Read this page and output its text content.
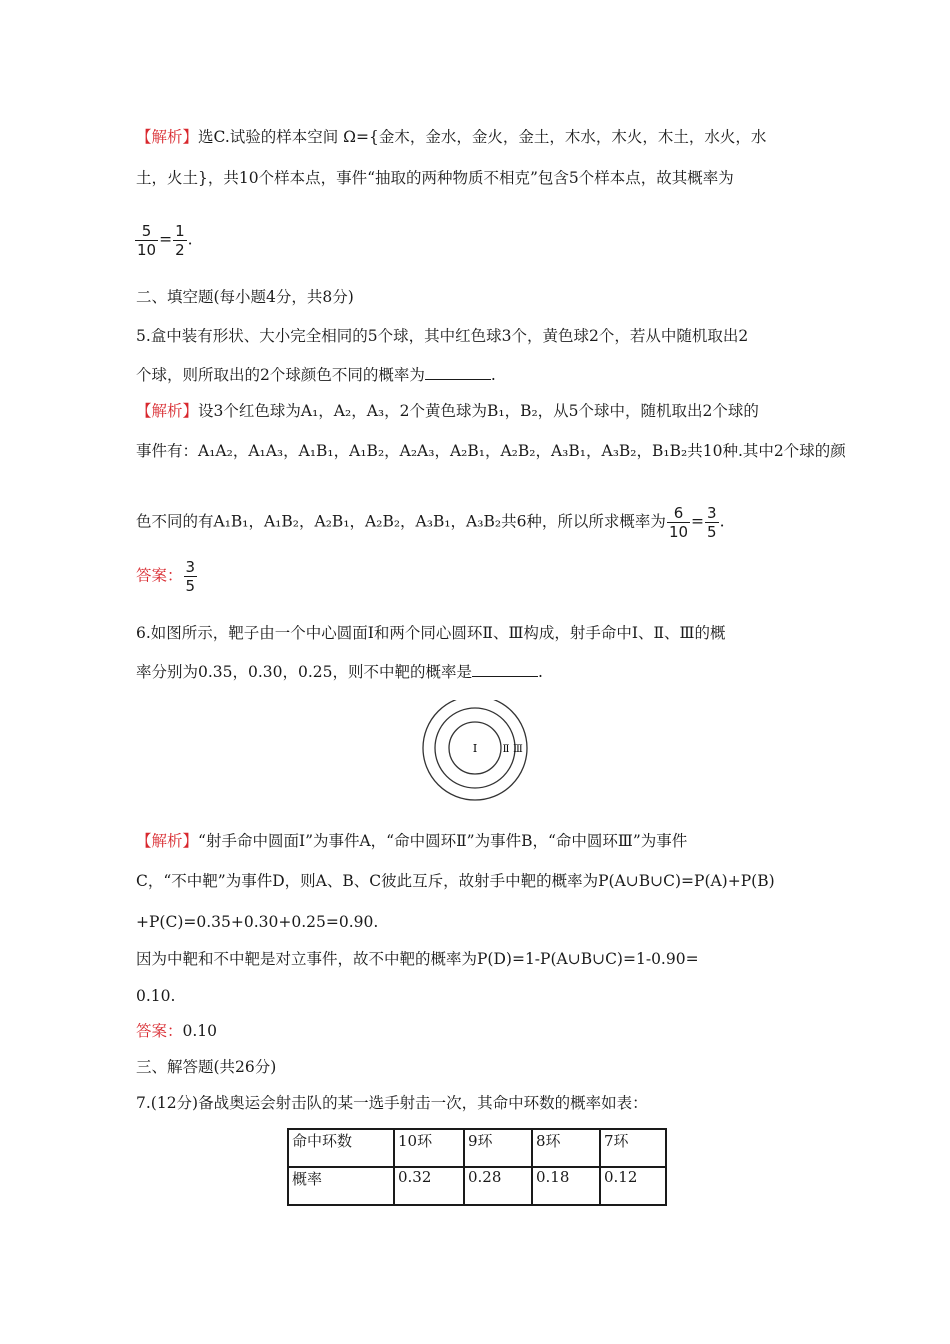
【解析】选C.试验的样本空间 Ω={金木，金水，金火，金土，木水，木火，木土，水火，水
土，火土}，共10个样本点，事件“抽取的两种物质不相克”包含5个样本点，故其概率为
$\frac{5}{10} = \frac{1}{2}$ .
二、填空题(每小题4分，共8分)
5.盒中装有形状、大小完全相同的5个球，其中红色球3个，黄色球2个，若从中随机取出2
个球，则所取出的2个球颜色不同的概率为	.
【解析】设3个红色球为A₁，A₂，A₃，2个黄色球为B₁，B₂，从5个球中，随机取出2个球的
事件有：A₁A₂，A₁A₃，A₁B₁，A₁B₂，A₂A₃，A₂B₁，A₂B₂，A₃B₁，A₃B₂，B₁B₂共10种.其中2个球的颜
色不同的有A₁B₁，A₁B₂，A₂B₁，A₂B₂，A₃B₁，A₃B₂共6种，所以所求概率为 $\frac{6}{10} = \frac{3}{5}$ .
答案： $\frac{3}{5}$
6.如图所示，靶子由一个中心圆面Ⅰ和两个同心圆环Ⅱ、Ⅲ构成，射手命中Ⅰ、Ⅱ、Ⅲ的概
率分别为0.35，0.30，0.25，则不中靶的概率是	.
Ⅰ	Ⅱ Ⅲ
【解析】“射手命中圆面Ⅰ”为事件A，“命中圆环Ⅱ”为事件B，“命中圆环Ⅲ”为事件
C，“不中靶”为事件D，则A、B、C彼此互斥，故射手中靶的概率为P(A∪B∪C)=P(A)+P(B)
+P(C)=0.35+0.30+0.25=0.90.
因为中靶和不中靶是对立事件，故不中靶的概率为P(D)=1-P(A∪B∪C)=1-0.90=
0.10.
答案：0.10
三、解答题(共26分)
7.(12分)备战奥运会射击队的某一选手射击一次，其命中环数的概率如表：
命中环数	10环	9环	8环	7环
概率	0.32	0.28	0.18	0.12
